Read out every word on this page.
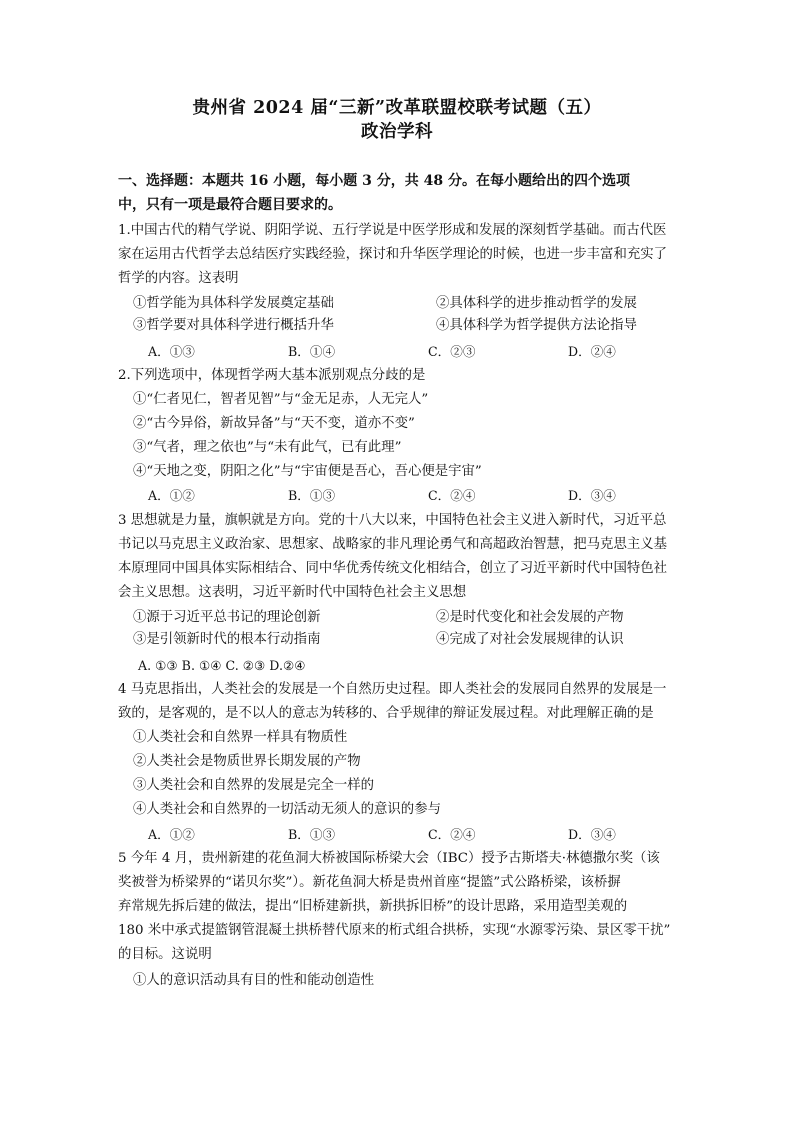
贵州省 2024 届“三新”改革联盟校联考试题（五）
政治学科
一、选择题：本题共 16 小题，每小题 3 分，共 48 分。在每小题给出的四个选项
中，只有一项是最符合题目要求的。
1.中国古代的精气学说、阴阳学说、五行学说是中医学形成和发展的深刻哲学基础。而古代医
家在运用古代哲学去总结医疗实践经验，探讨和升华医学理论的时候，也进一步丰富和充实了
哲学的内容。这表明
①哲学能为具体科学发展奠定基础	②具体科学的进步推动哲学的发展
③哲学要对具体科学进行概括升华	④具体科学为哲学提供方法论指导
A．①③	B．①④	C．②③	D．②④
2.下列选项中，体现哲学两大基本派别观点分歧的是
①“仁者见仁，智者见智”与“金无足赤，人无完人”
②“古今异俗，新故异备”与“天不变，道亦不变”
③“气者，理之依也”与“未有此气，已有此理”
④“天地之变，阴阳之化”与“宇宙便是吾心，吾心便是宇宙”
A．①②	B．①③	C．②④	D．③④
3 思想就是力量，旗帜就是方向。党的十八大以来，中国特色社会主义进入新时代，习近平总
书记以马克思主义政治家、思想家、战略家的非凡理论勇气和高超政治智慧，把马克思主义基
本原理同中国具体实际相结合、同中华优秀传统文化相结合，创立了习近平新时代中国特色社
会主义思想。这表明，习近平新时代中国特色社会主义思想
①源于习近平总书记的理论创新	②是时代变化和社会发展的产物
③是引领新时代的根本行动指南	④完成了对社会发展规律的认识
A. ①③ B. ①④ C. ②③ D.②④
4 马克思指出，人类社会的发展是一个自然历史过程。即人类社会的发展同自然界的发展是一
致的，是客观的，是不以人的意志为转移的、合乎规律的辩证发展过程。对此理解正确的是
①人类社会和自然界一样具有物质性
②人类社会是物质世界长期发展的产物
③人类社会和自然界的发展是完全一样的
④人类社会和自然界的一切活动无须人的意识的参与
A．①②	B．①③	C．②④	D．③④
5 今年 4 月，贵州新建的花鱼洞大桥被国际桥梁大会（IBC）授予古斯塔夫·林德撒尔奖（该
奖被誉为桥梁界的“诺贝尔奖”）。新花鱼洞大桥是贵州首座“提篮”式公路桥梁，该桥摒
弃常规先拆后建的做法，提出“旧桥建新拱，新拱拆旧桥”的设计思路，采用造型美观的
180 米中承式提篮钢管混凝土拱桥替代原来的桁式组合拱桥，实现“水源零污染、景区零干扰”
的目标。这说明
①人的意识活动具有目的性和能动创造性
